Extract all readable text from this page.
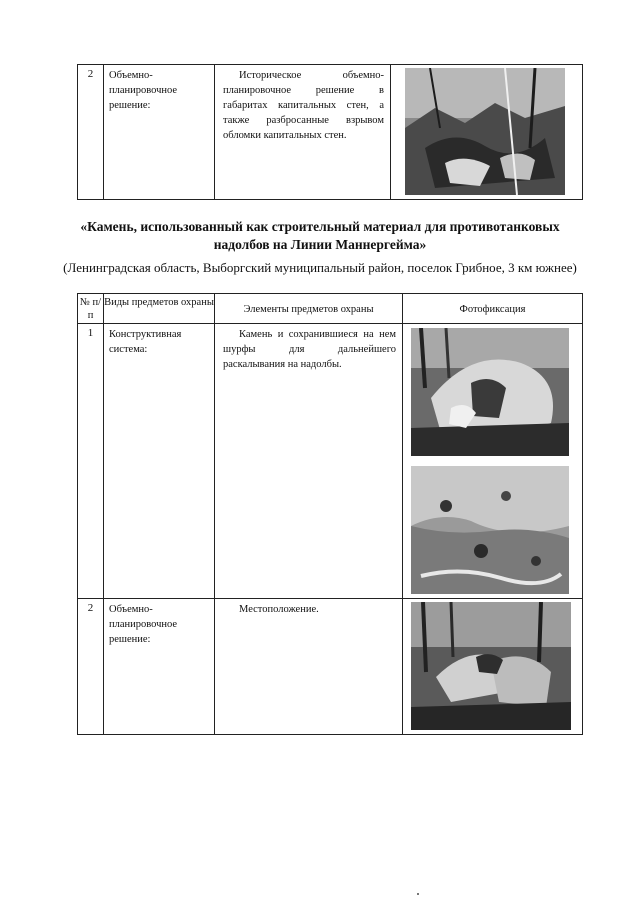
2	Объемно-планировочное решение:	Историческое объемно-планировочное решение в габаритах капитальных стен, а также разбросанные взрывом обломки капитальных стен.	
«Камень, использованный как строительный материал для противотанковых надолбов на Линии Маннергейма»
(Ленинградская область, Выборгский муниципальный район, поселок Грибное, 3 км южнее)
№ п/п	Виды предметов охраны	Элементы предметов охраны	Фотофиксация
1	Конструктивная система:	Камень и сохранившиеся на нем шурфы для дальнейшего раскалывания на надолбы.	

2	Объемно-планировочное решение:	Местоположение.	
